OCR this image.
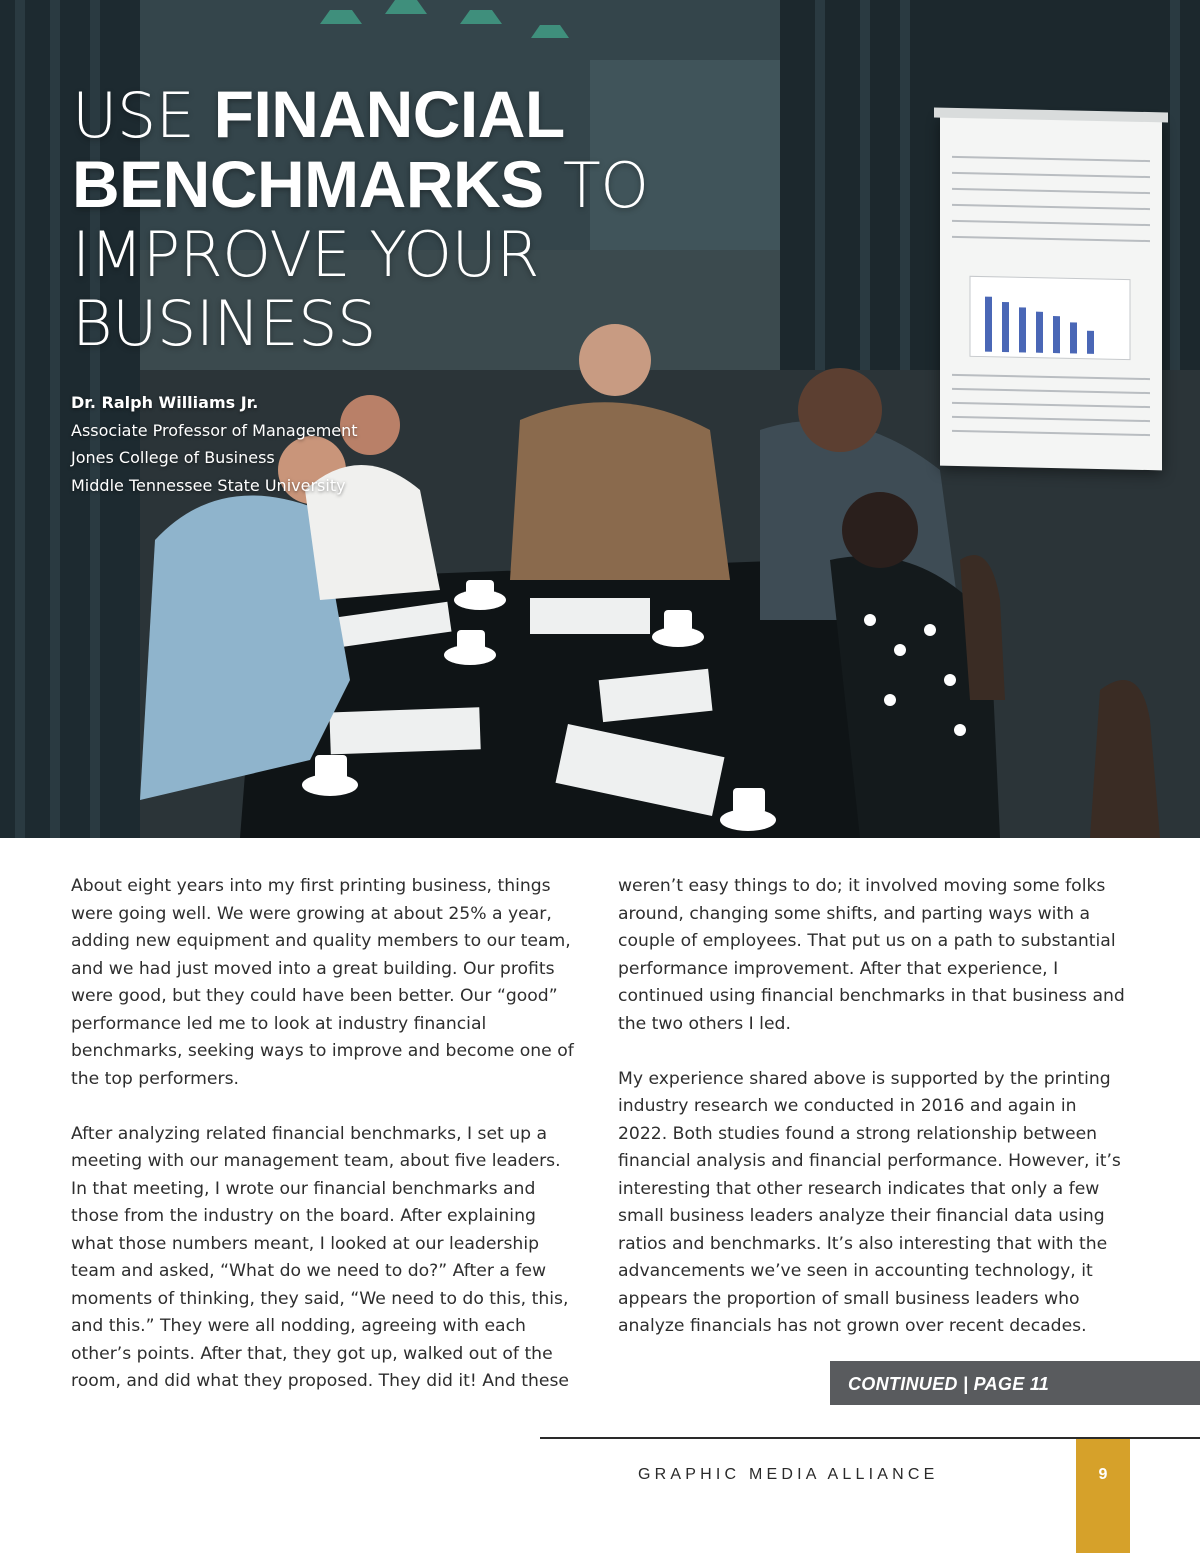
USE FINANCIAL
BENCHMARKS TO
IMPROVE YOUR
BUSINESS
Dr. Ralph Williams Jr.
Associate Professor of Management
Jones College of Business
Middle Tennessee State University

About eight years into my first printing business, things were going well. We were growing at about 25% a year, adding new equipment and quality members to our team, and we had just moved into a great building. Our profits were good, but they could have been better. Our “good” performance led me to look at industry financial benchmarks, seeking ways to improve and become one of the top performers.

After analyzing related financial benchmarks, I set up a meeting with our management team, about five leaders. In that meeting, I wrote our financial benchmarks and those from the industry on the board. After explaining what those numbers meant, I looked at our leadership team and asked, “What do we need to do?” After a few moments of thinking, they said, “We need to do this, this, and this.” They were all nodding, agreeing with each other’s points. After that, they got up, walked out of the room, and did what they proposed. They did it! And these

weren’t easy things to do; it involved moving some folks around, changing some shifts, and parting ways with a couple of employees. That put us on a path to substantial performance improvement. After that experience, I continued using financial benchmarks in that business and the two others I led.

My experience shared above is supported by the printing industry research we conducted in 2016 and again in 2022. Both studies found a strong relationship between financial analysis and financial performance. However, it’s interesting that other research indicates that only a few small business leaders analyze their financial data using ratios and benchmarks. It’s also interesting that with the advancements we’ve seen in accounting technology, it appears the proportion of small business leaders who analyze financials has not grown over recent decades.

CONTINUED | PAGE 11
GRAPHIC MEDIA ALLIANCE	9
